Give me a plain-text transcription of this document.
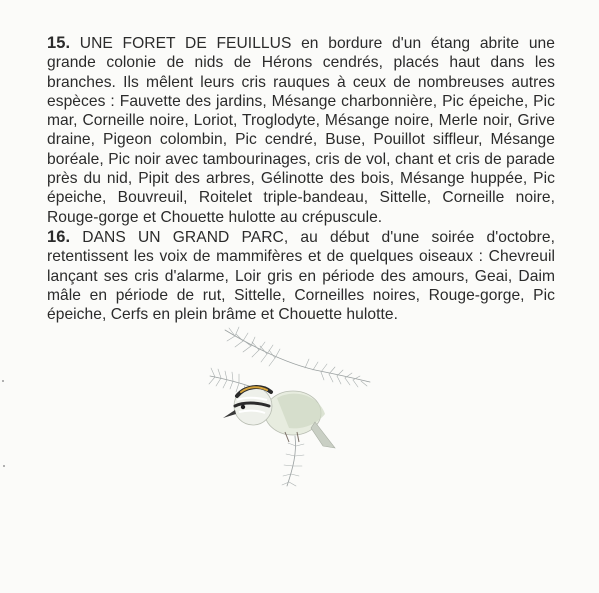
15. UNE FORET DE FEUILLUS en bordure d'un étang abrite une grande colonie de nids de Hérons cendrés, placés haut dans les branches. Ils mêlent leurs cris rauques à ceux de nombreuses autres espèces : Fauvette des jardins, Mésange charbonnière, Pic épeiche, Pic mar, Corneille noire, Loriot, Troglodyte, Mésange noire, Merle noir, Grive draine, Pigeon colombin, Pic cendré, Buse, Pouillot siffleur, Mésange boréale, Pic noir avec tambourinages, cris de vol, chant et cris de parade près du nid, Pipit des arbres, Gélinotte des bois, Mésange huppée, Pic épeiche, Bouvreuil, Roitelet triple-bandeau, Sittelle, Corneille noire, Rouge-gorge et Chouette hulotte au crépuscule.

16. DANS UN GRAND PARC, au début d'une soirée d'octobre, retentissent les voix de mammifères et de quelques oiseaux : Chevreuil lançant ses cris d'alarme, Loir gris en période des amours, Geai, Daim mâle en période de rut, Sittelle, Corneilles noires, Rouge-gorge, Pic épeiche, Cerfs en plein brâme et Chouette hulotte.
